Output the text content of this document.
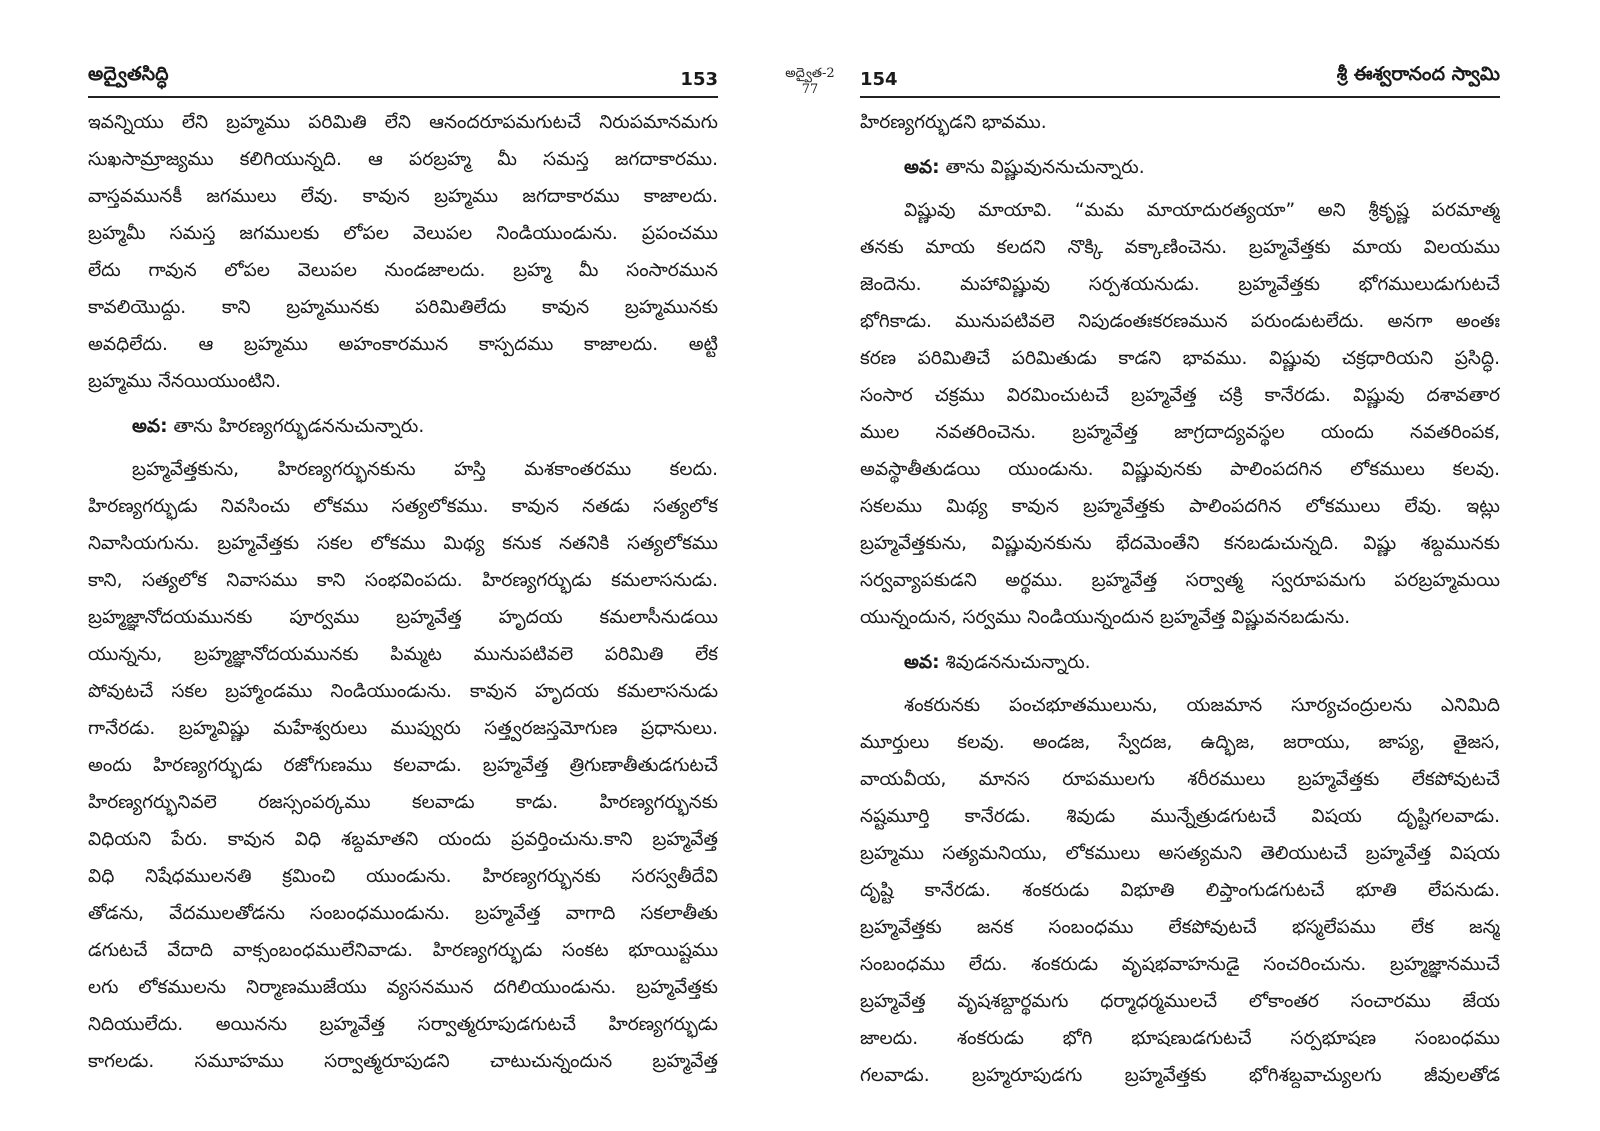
అద్వైతసిద్ధి	153

ఇవన్నియు లేని బ్రహ్మము పరిమితి లేని ఆనందరూపమగుటచే నిరుపమానమగు

సుఖసామ్రాజ్యము కలిగియున్నది. ఆ పరబ్రహ్మ మీ సమస్త జగదాకారము.

వాస్తవమునకీ జగములు లేవు. కావున బ్రహ్మము జగదాకారము కాజాలదు.

బ్రహ్మమీ సమస్త జగములకు లోపల వెలుపల నిండియుండును. ప్రపంచము

లేదు గావున లోపల వెలుపల నుండజాలదు. బ్రహ్మ మీ సంసారమున

కావలియొద్దు. కాని బ్రహ్మమునకు పరిమితిలేదు కావున బ్రహ్మమునకు

అవధిలేదు. ఆ బ్రహ్మము అహంకారమున కాస్పదము కాజాలదు. అట్టి

బ్రహ్మము నేనయియుంటిని.

అవ: తాను హిరణ్యగర్భుడననుచున్నారు.

బ్రహ్మవేత్తకును, హిరణ్యగర్భునకును హస్తి మశకాంతరము కలదు.

హిరణ్యగర్భుడు నివసించు లోకము సత్యలోకము. కావున నతడు సత్యలోక

నివాసియగును. బ్రహ్మవేత్తకు సకల లోకము మిథ్య కనుక నతనికి సత్యలోకము

కాని, సత్యలోక నివాసము కాని సంభవింపదు. హిరణ్యగర్భుడు కమలాసనుడు.

బ్రహ్మజ్ఞానోదయమునకు పూర్వము బ్రహ్మవేత్త హృదయ కమలాసీనుడయి

యున్నను, బ్రహ్మజ్ఞానోదయమునకు పిమ్మట మునుపటివలె పరిమితి లేక

పోవుటచే సకల బ్రహ్మాండము నిండియుండును. కావున హృదయ కమలాసనుడు

గానేరడు. బ్రహ్మవిష్ణు మహేశ్వరులు ముప్వురు సత్త్వరజస్తమోగుణ ప్రధానులు.

అందు హిరణ్యగర్భుడు రజోగుణము కలవాడు. బ్రహ్మవేత్త త్రిగుణాతీతుడగుటచే

హిరణ్యగర్భునివలె రజస్సంపర్కము కలవాడు కాడు. హిరణ్యగర్భునకు

విధియని పేరు. కావున విధి శబ్దమాతని యందు ప్రవర్తించును.కాని బ్రహ్మవేత్త

విధి నిషేధములనతి క్రమించి యుండును. హిరణ్యగర్భునకు సరస్వతీదేవి

తోడను, వేదములతోడను సంబంధముండును. బ్రహ్మవేత్త వాగాది సకలాతీతు

డగుటచే వేదాది వాక్సంబంధములేనివాడు. హిరణ్యగర్భుడు సంకట భూయిష్టము

లగు లోకములను నిర్మాణముజేయు వ్యసనమున దగిలియుండును. బ్రహ్మవేత్తకు

నిదియులేదు. అయినను బ్రహ్మవేత్త సర్వాత్మరూపుడగుటచే హిరణ్యగర్భుడు

కాగలడు. సమూహము సర్వాత్మరూపుడని చాటుచున్నందున బ్రహ్మవేత్త

అద్వైత-2
77	154	శ్రీ ఈశ్వరానంద స్వామి

హిరణ్యగర్భుడని భావము.

అవ: తాను విష్ణువుననుచున్నారు.

విష్ణువు మాయావి. “మమ మాయాదురత్యయా” అని శ్రీకృష్ణ పరమాత్మ

తనకు మాయ కలదని నొక్కి వక్కాణించెను. బ్రహ్మవేత్తకు మాయ విలయము

జెందెను. మహావిష్ణువు సర్పశయనుడు. బ్రహ్మవేత్తకు భోగములుడుగుటచే

భోగికాడు. మునుపటివలె నిపుడంతఃకరణమున పరుండుటలేదు. అనగా అంతః

కరణ పరిమితిచే పరిమితుడు కాడని భావము. విష్ణువు చక్రధారియని ప్రసిద్ధి.

సంసార చక్రము విరమించుటచే బ్రహ్మవేత్త చక్రి కానేరడు. విష్ణువు దశావతార

ముల నవతరించెను. బ్రహ్మవేత్త జాగ్రదాద్యవస్థల యందు నవతరింపక,

అవస్థాతీతుడయి యుండును. విష్ణువునకు పాలింపదగిన లోకములు కలవు.

సకలము మిథ్య కావున బ్రహ్మవేత్తకు పాలింపదగిన లోకములు లేవు. ఇట్లు

బ్రహ్మవేత్తకును, విష్ణువునకును భేదమెంతేని కనబడుచున్నది. విష్ణు శబ్దమునకు

సర్వవ్యాపకుడని అర్థము. బ్రహ్మవేత్త సర్వాత్మ స్వరూపమగు పరబ్రహ్మమయి

యున్నందున, సర్వము నిండియున్నందున బ్రహ్మవేత్త విష్ణువనబడును.

అవ: శివుడననుచున్నారు.

శంకరునకు పంచభూతములును, యజమాన సూర్యచంద్రులను ఎనిమిది

మూర్తులు కలవు. అండజ, స్వేదజ, ఉద్భిజ, జరాయు, జాప్య, తైజస,

వాయవీయ, మానస రూపములగు శరీరములు బ్రహ్మవేత్తకు లేకపోవుటచే

నష్టమూర్తి కానేరడు. శివుడు మున్నేత్రుడగుటచే విషయ దృష్టిగలవాడు.

బ్రహ్మము సత్యమనియు, లోకములు అసత్యమని తెలియుటచే బ్రహ్మవేత్త విషయ

దృష్టి కానేరడు. శంకరుడు విభూతి లిప్తాంగుడగుటచే భూతి లేపనుడు.

బ్రహ్మవేత్తకు జనక సంబంధము లేకపోవుటచే భస్మలేపము లేక జన్మ

సంబంధము లేదు. శంకరుడు వృషభవాహనుడై సంచరించును. బ్రహ్మజ్ఞానముచే

బ్రహ్మవేత్త వృషశబ్దార్థమగు ధర్మాధర్మములచే లోకాంతర సంచారము జేయ

జాలదు. శంకరుడు భోగి భూషణుడగుటచే సర్పభూషణ సంబంధము

గలవాడు. బ్రహ్మరూపుడగు బ్రహ్మవేత్తకు భోగిశబ్దవాచ్యులగు జీవులతోడ
